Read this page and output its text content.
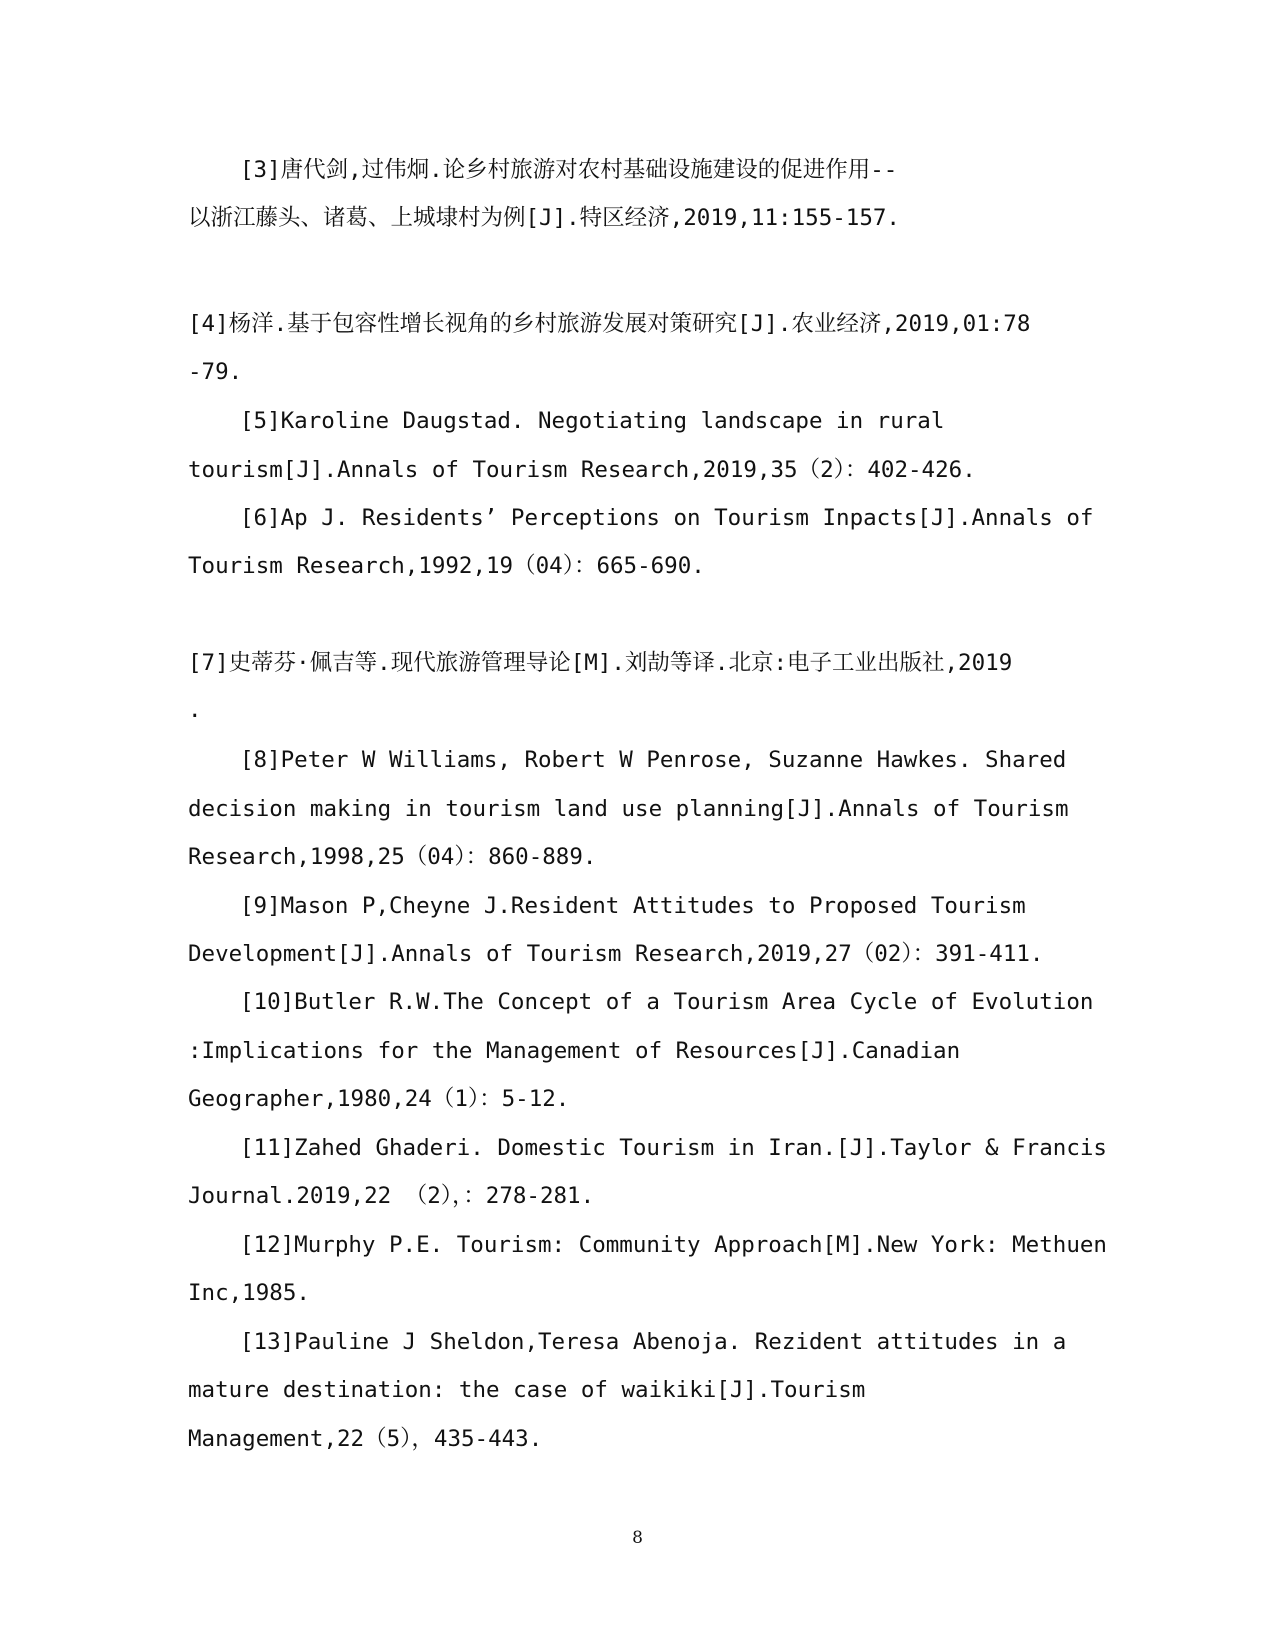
[3]唐代剑,过伟炯.论乡村旅游对农村基础设施建设的促进作用--
以浙江藤头、诸葛、上城埭村为例[J].特区经济,2019,11:155-157.
[4]杨洋.基于包容性增长视角的乡村旅游发展对策研究[J].农业经济,2019,01:78
-79.
[5]Karoline Daugstad. Negotiating landscape in rural
tourism[J].Annals of Tourism Research,2019,35（2）：402-426.
[6]Ap J. Residents’ Perceptions on Tourism Inpacts[J].Annals of
Tourism Research,1992,19（04）：665-690.
[7]史蒂芬·佩吉等.现代旅游管理导论[M].刘劼等译.北京:电子工业出版社,2019
.
[8]Peter W Williams, Robert W Penrose, Suzanne Hawkes. Shared
decision making in tourism land use planning[J].Annals of Tourism
Research,1998,25（04）：860-889.
[9]Mason P,Cheyne J.Resident Attitudes to Proposed Tourism
Development[J].Annals of Tourism Research,2019,27（02）：391-411.
[10]Butler R.W.The Concept of a Tourism Area Cycle of Evolution
:Implications for the Management of Resources[J].Canadian
Geographer,1980,24（1）：5-12.
[11]Zahed Ghaderi. Domestic Tourism in Iran.[J].Taylor & Francis
Journal.2019,22 （2），：278-281.
[12]Murphy P.E. Tourism: Community Approach[M].New York: Methuen
Inc,1985.
[13]Pauline J Sheldon,Teresa Abenoja. Rezident attitudes in a
mature destination: the case of waikiki[J].Tourism
Management,22（5），435-443.
8
